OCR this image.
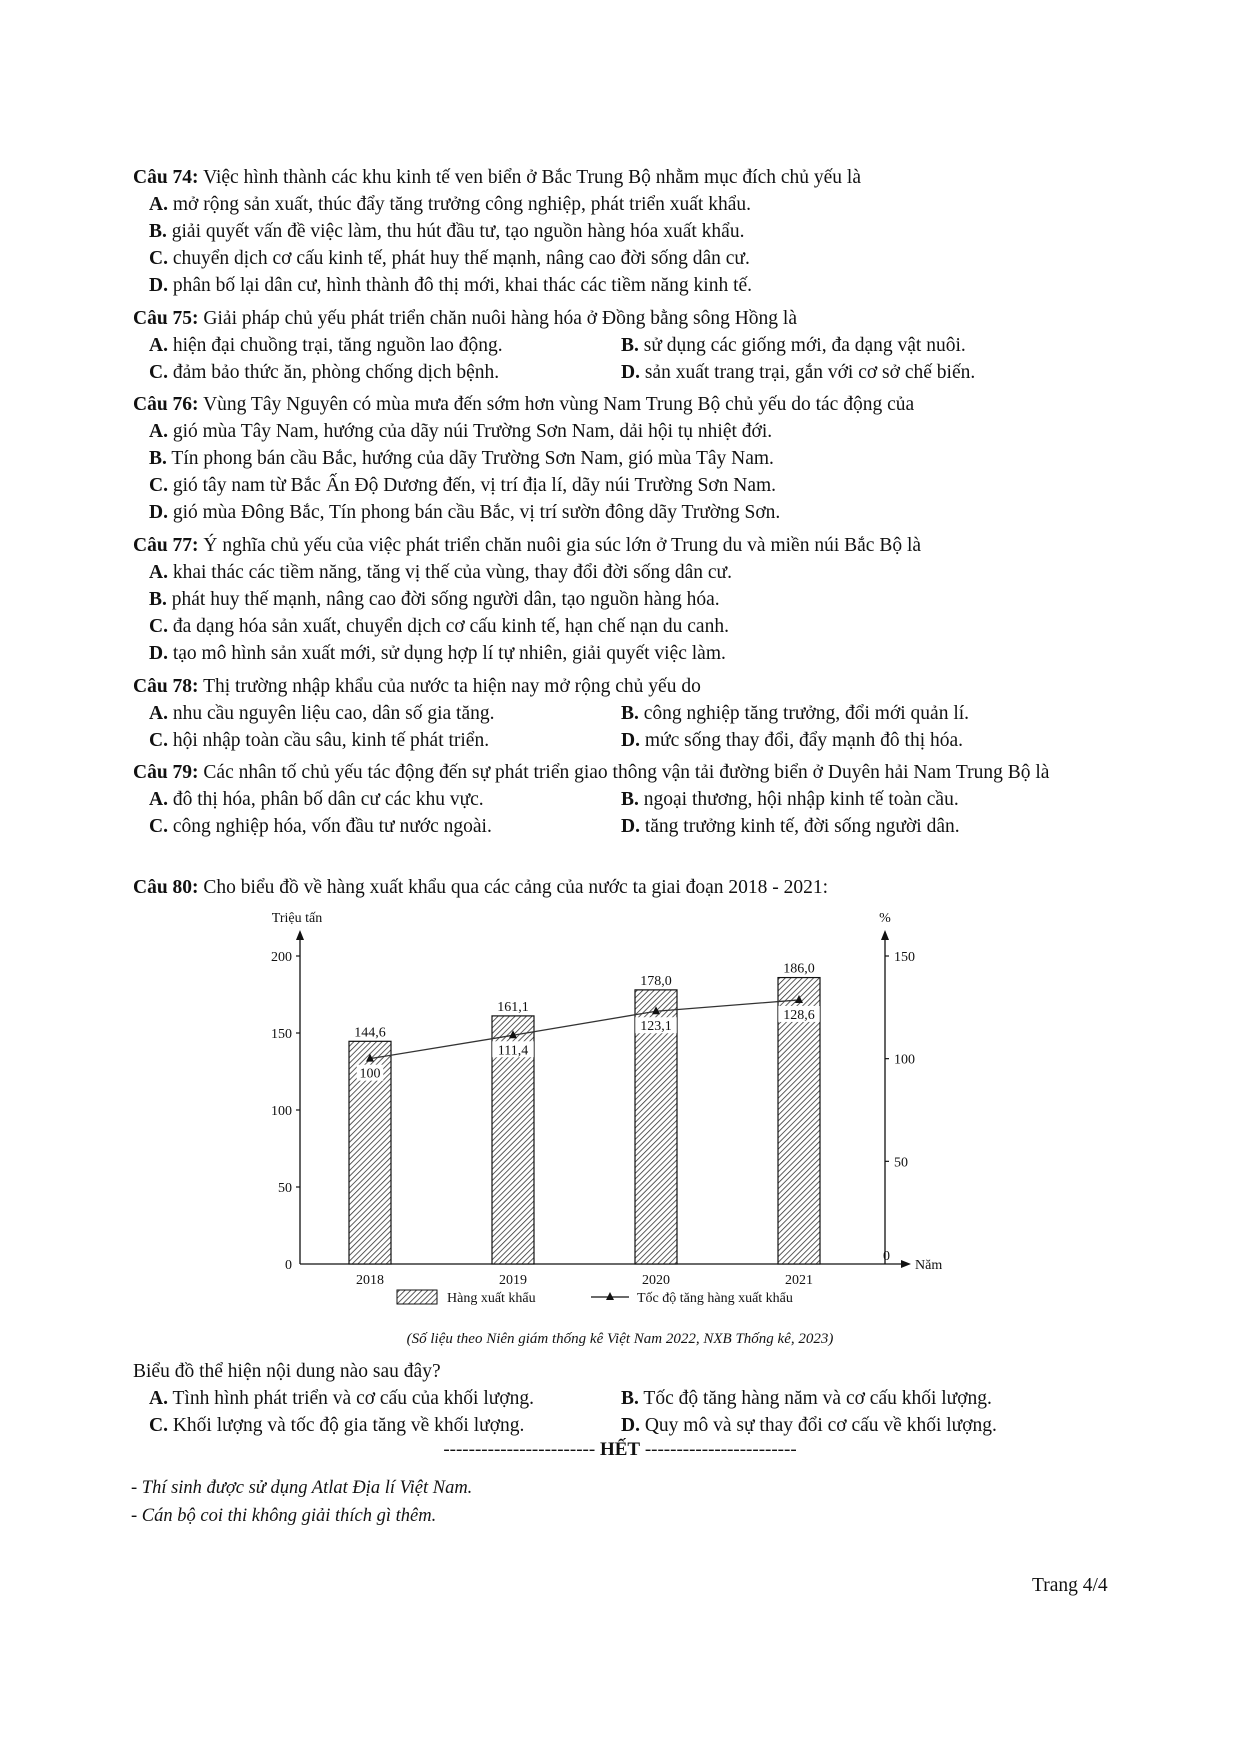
Câu 74: Việc hình thành các khu kinh tế ven biển ở Bắc Trung Bộ nhằm mục đích chủ yếu là
A. mở rộng sản xuất, thúc đẩy tăng trưởng công nghiệp, phát triển xuất khẩu.
B. giải quyết vấn đề việc làm, thu hút đầu tư, tạo nguồn hàng hóa xuất khẩu.
C. chuyển dịch cơ cấu kinh tế, phát huy thế mạnh, nâng cao đời sống dân cư.
D. phân bố lại dân cư, hình thành đô thị mới, khai thác các tiềm năng kinh tế.
Câu 75: Giải pháp chủ yếu phát triển chăn nuôi hàng hóa ở Đồng bằng sông Hồng là
A. hiện đại chuồng trại, tăng nguồn lao động.	B. sử dụng các giống mới, đa dạng vật nuôi.
C. đảm bảo thức ăn, phòng chống dịch bệnh.	D. sản xuất trang trại, gắn với cơ sở chế biến.
Câu 76: Vùng Tây Nguyên có mùa mưa đến sớm hơn vùng Nam Trung Bộ chủ yếu do tác động của
A. gió mùa Tây Nam, hướng của dãy núi Trường Sơn Nam, dải hội tụ nhiệt đới.
B. Tín phong bán cầu Bắc, hướng của dãy Trường Sơn Nam, gió mùa Tây Nam.
C. gió tây nam từ Bắc Ấn Độ Dương đến, vị trí địa lí, dãy núi Trường Sơn Nam.
D. gió mùa Đông Bắc, Tín phong bán cầu Bắc, vị trí sườn đông dãy Trường Sơn.
Câu 77: Ý nghĩa chủ yếu của việc phát triển chăn nuôi gia súc lớn ở Trung du và miền núi Bắc Bộ là
A. khai thác các tiềm năng, tăng vị thế của vùng, thay đổi đời sống dân cư.
B. phát huy thế mạnh, nâng cao đời sống người dân, tạo nguồn hàng hóa.
C. đa dạng hóa sản xuất, chuyển dịch cơ cấu kinh tế, hạn chế nạn du canh.
D. tạo mô hình sản xuất mới, sử dụng hợp lí tự nhiên, giải quyết việc làm.
Câu 78: Thị trường nhập khẩu của nước ta hiện nay mở rộng chủ yếu do
A. nhu cầu nguyên liệu cao, dân số gia tăng.	B. công nghiệp tăng trưởng, đổi mới quản lí.
C. hội nhập toàn cầu sâu, kinh tế phát triển.	D. mức sống thay đổi, đẩy mạnh đô thị hóa.
Câu 79: Các nhân tố chủ yếu tác động đến sự phát triển giao thông vận tải đường biển ở Duyên hải Nam Trung Bộ là
A. đô thị hóa, phân bố dân cư các khu vực.	B. ngoại thương, hội nhập kinh tế toàn cầu.
C. công nghiệp hóa, vốn đầu tư nước ngoài.	D. tăng trưởng kinh tế, đời sống người dân.
Câu 80: Cho biểu đồ về hàng xuất khẩu qua các cảng của nước ta giai đoạn 2018 - 2021:
Triệu tấn
0
50
100
150
200
%
0
50
100
150
Năm
144,6
161,1
178,0
186,0
2018	2019	2020	2021
100
111,4
123,1
128,6
Hàng xuất khẩu	Tốc độ tăng hàng xuất khẩu
(Số liệu theo Niên giám thống kê Việt Nam 2022, NXB Thống kê, 2023)
Biểu đồ thể hiện nội dung nào sau đây?
A. Tình hình phát triển và cơ cấu của khối lượng.	B. Tốc độ tăng hàng năm và cơ cấu khối lượng.
C. Khối lượng và tốc độ gia tăng về khối lượng.	D. Quy mô và sự thay đổi cơ cấu về khối lượng.
------------------------ HẾT ------------------------
- Thí sinh được sử dụng Atlat Địa lí Việt Nam.
- Cán bộ coi thi không giải thích gì thêm.
Trang 4/4
